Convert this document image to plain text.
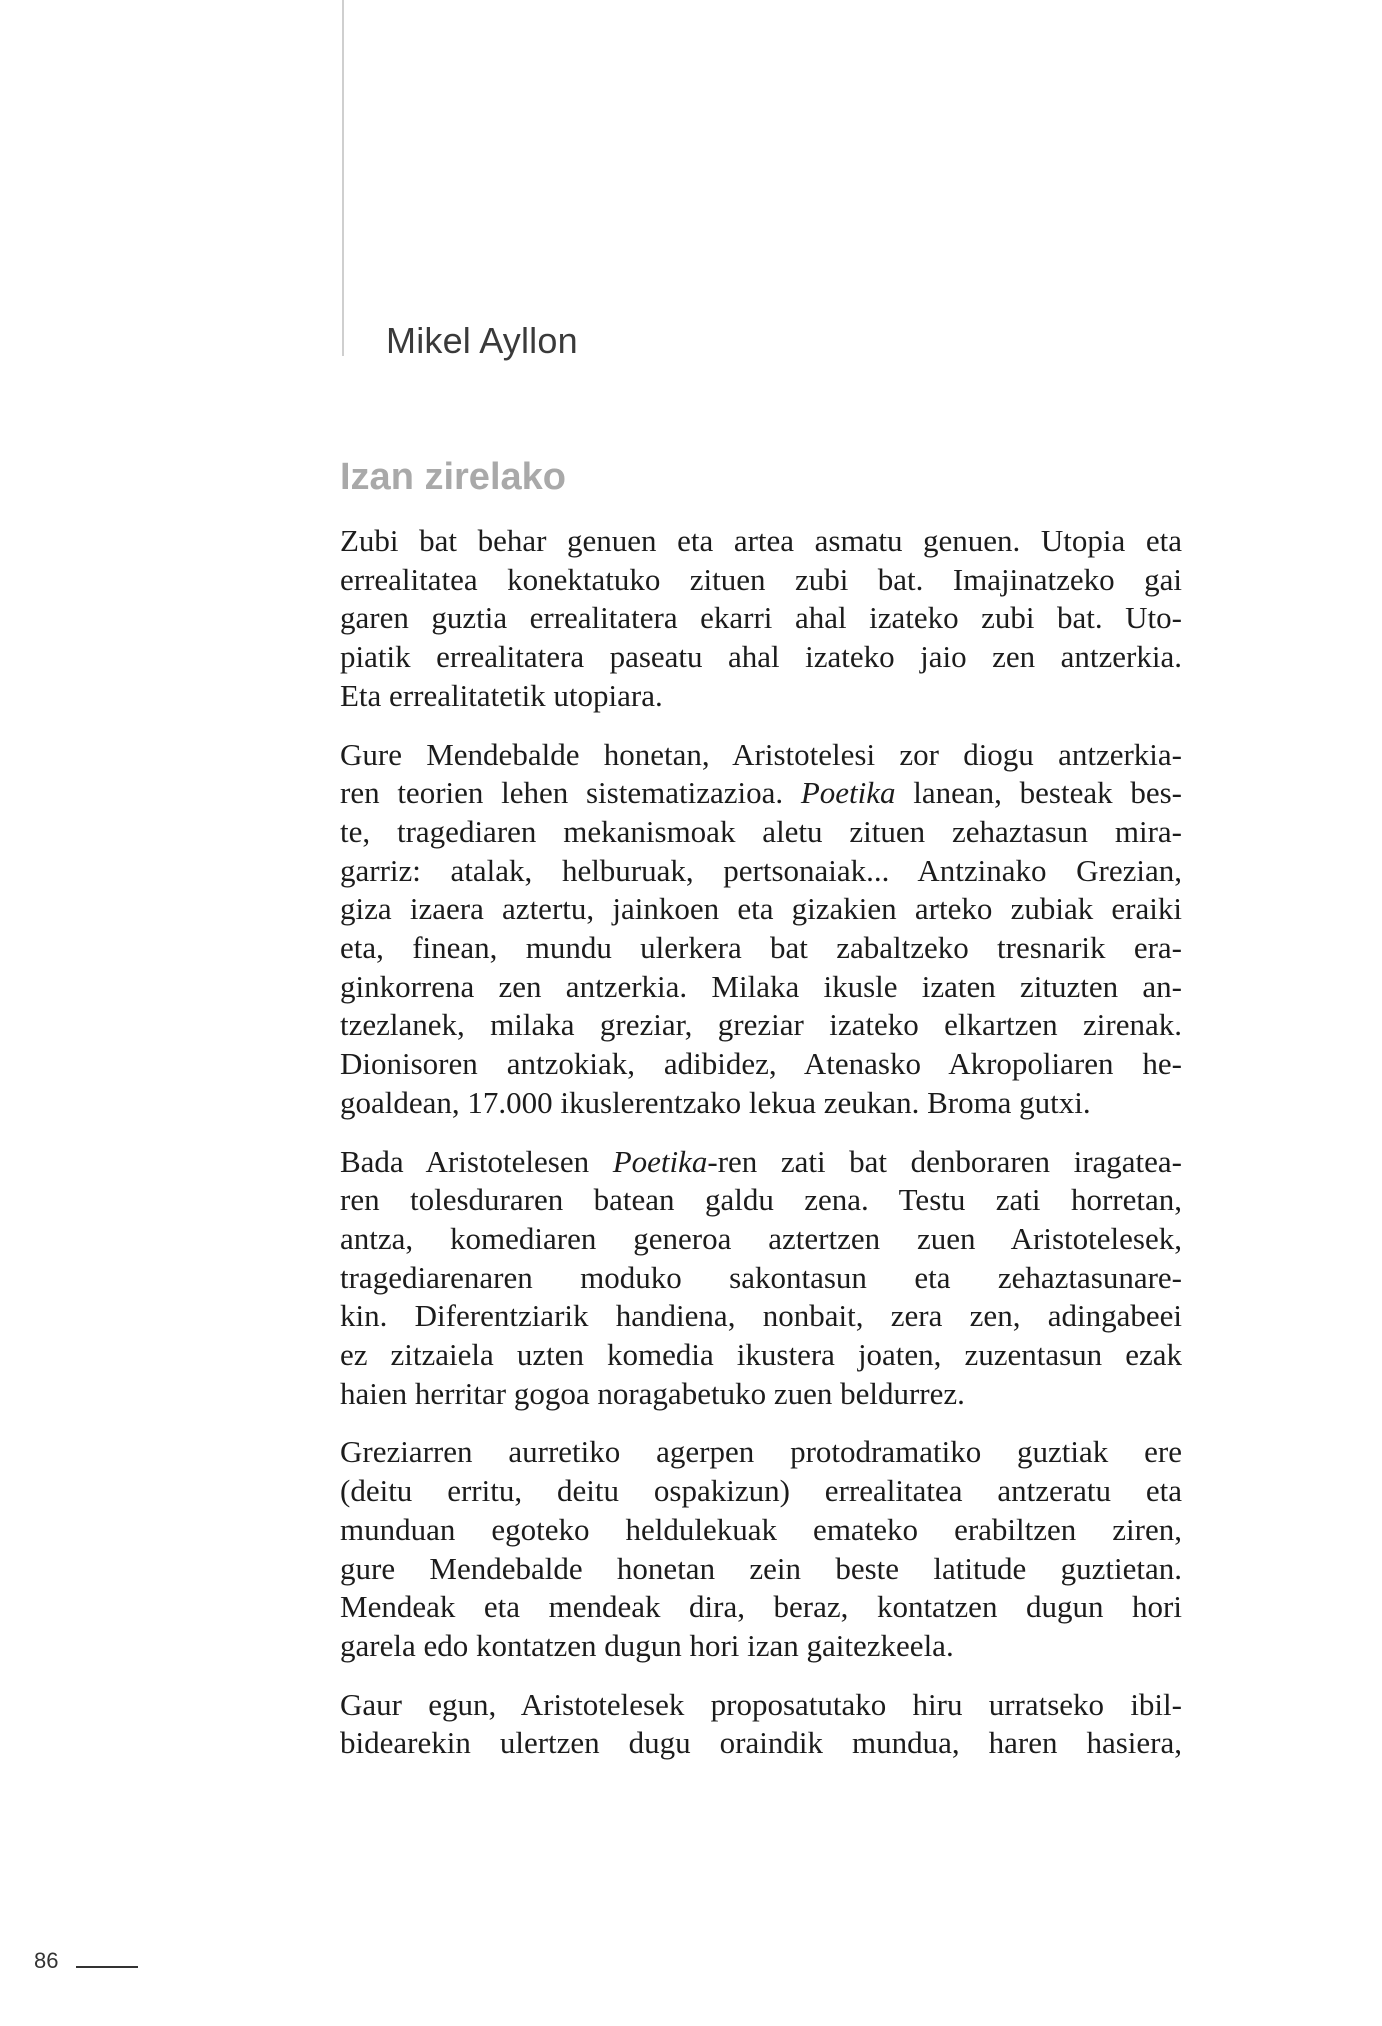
Mikel Ayllon
Izan zirelako
Zubi bat behar genuen eta artea asmatu genuen. Utopia eta
errealitatea konektatuko zituen zubi bat. Imajinatzeko gai
garen guztia errealitatera ekarri ahal izateko zubi bat. Uto-
piatik errealitatera paseatu ahal izateko jaio zen antzerkia.
Eta errealitatetik utopiara.
Gure Mendebalde honetan, Aristotelesi zor diogu antzerkia-
ren teorien lehen sistematizazioa. Poetika lanean, besteak bes-
te, tragediaren mekanismoak aletu zituen zehaztasun mira-
garriz: atalak, helburuak, pertsonaiak... Antzinako Grezian,
giza izaera aztertu, jainkoen eta gizakien arteko zubiak eraiki
eta, finean, mundu ulerkera bat zabaltzeko tresnarik era-
ginkorrena zen antzerkia. Milaka ikusle izaten zituzten an-
tzezlanek, milaka greziar, greziar izateko elkartzen zirenak.
Dionisoren antzokiak, adibidez, Atenasko Akropoliaren he-
goaldean, 17.000 ikuslerentzako lekua zeukan. Broma gutxi.
Bada Aristotelesen Poetika-ren zati bat denboraren iragatea-
ren tolesduraren batean galdu zena. Testu zati horretan,
antza, komediaren generoa aztertzen zuen Aristotelesek,
tragediarenaren moduko sakontasun eta zehaztasunare-
kin. Diferentziarik handiena, nonbait, zera zen, adingabeei
ez zitzaiela uzten komedia ikustera joaten, zuzentasun ezak
haien herritar gogoa noragabetuko zuen beldurrez.
Greziarren aurretiko agerpen protodramatiko guztiak ere
(deitu erritu, deitu ospakizun) errealitatea antzeratu eta
munduan egoteko heldulekuak emateko erabiltzen ziren,
gure Mendebalde honetan zein beste latitude guztietan.
Mendeak eta mendeak dira, beraz, kontatzen dugun hori
garela edo kontatzen dugun hori izan gaitezkeela.
Gaur egun, Aristotelesek proposatutako hiru urratseko ibil-
bidearekin ulertzen dugu oraindik mundua, haren hasiera,
86
